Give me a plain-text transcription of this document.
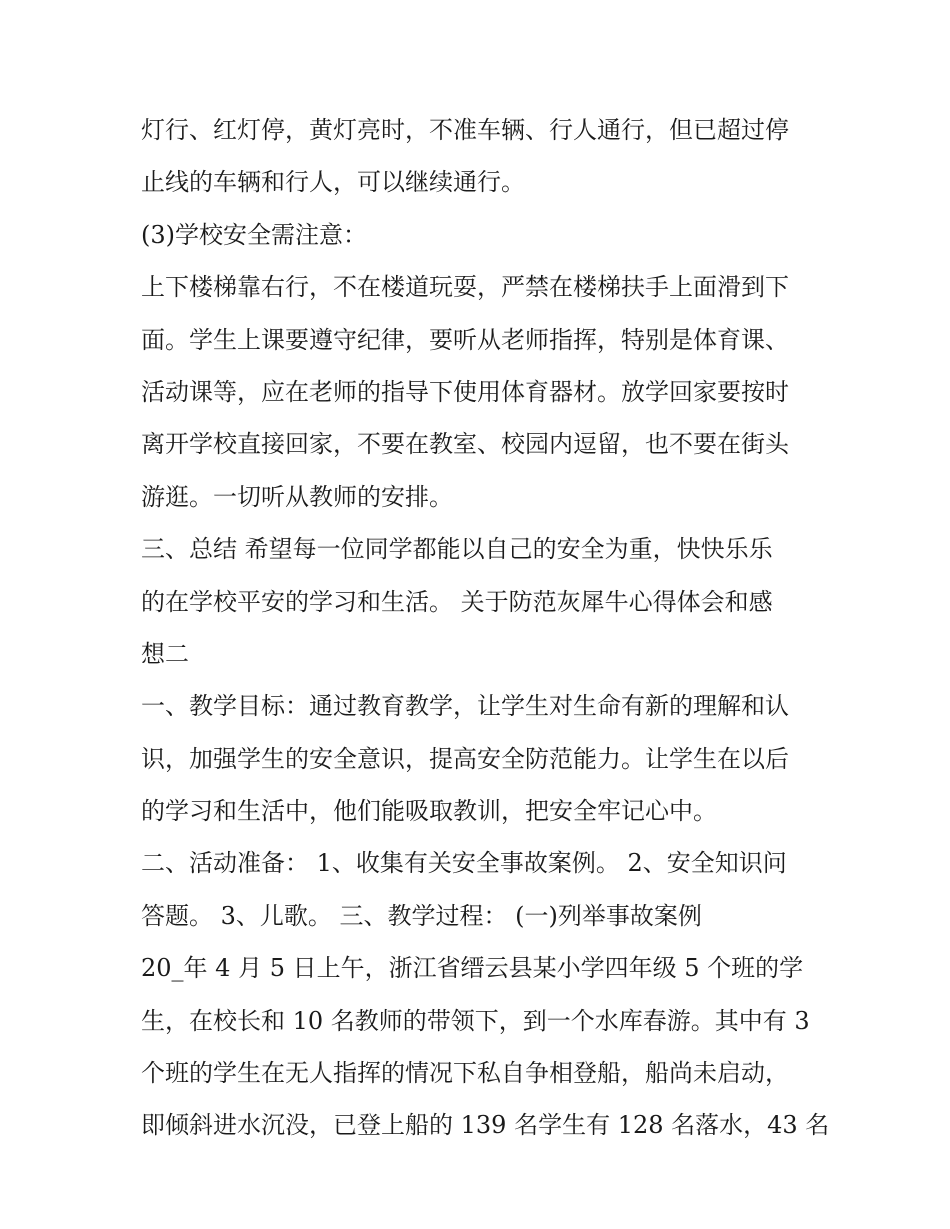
灯行、红灯停，黄灯亮时，不准车辆、行人通行，但已超过停
止线的车辆和行人，可以继续通行。
(3)学校安全需注意：
上下楼梯靠右行，不在楼道玩耍，严禁在楼梯扶手上面滑到下
面。学生上课要遵守纪律，要听从老师指挥，特别是体育课、
活动课等，应在老师的指导下使用体育器材。放学回家要按时
离开学校直接回家，不要在教室、校园内逗留，也不要在街头
游逛。一切听从教师的安排。
三、总结 希望每一位同学都能以自己的安全为重，快快乐乐
的在学校平安的学习和生活。 关于防范灰犀牛心得体会和感
想二
一、教学目标：通过教育教学，让学生对生命有新的理解和认
识，加强学生的安全意识，提高安全防范能力。让学生在以后
的学习和生活中，他们能吸取教训，把安全牢记心中。
二、活动准备： 1、收集有关安全事故案例。 2、安全知识问
答题。 3、儿歌。 三、教学过程： (一)列举事故案例
20_年 4 月 5 日上午，浙江省缙云县某小学四年级 5 个班的学
生，在校长和 10 名教师的带领下，到一个水库春游。其中有 3
个班的学生在无人指挥的情况下私自争相登船，船尚未启动，
即倾斜进水沉没，已登上船的 139 名学生有 128 名落水，43 名
